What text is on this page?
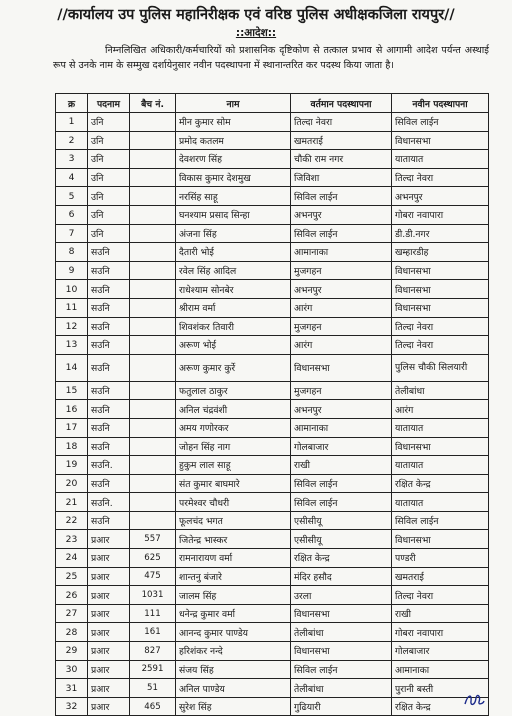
//कार्यालय उप पुलिस महानिरीक्षक एवं वरिष्ठ पुलिस अधीक्षकजिला रायपुर//
::आदेश::
निम्नलिखित अधिकारी/कर्मचारियों को प्रशासनिक दृष्टिकोण से तत्काल प्रभाव से आगामी आदेश पर्यन्त अस्थाई रूप से उनके नाम के सम्मुख दर्शायेनुसार नवीन पदस्थापना में स्थानान्तरित कर पदस्थ किया जाता है।
क्र	पदनाम	बैच नं.	नाम	वर्तमान पदस्थापना	नवीन पदस्थापना
1	उनि		मीन कुमार सोम	तिल्दा नेवरा	सिविल लाईन
2	उनि		प्रमोद कतलम	खमतराई	विधानसभा
3	उनि		देवशरण सिंह	चौकी राम नगर	यातायात
4	उनि		विकास कुमार देशमुख	जिविशा	तिल्दा नेवरा
5	उनि		नरसिंह साहू	सिविल लाईन	अभनपुर
6	उनि		घनश्याम प्रसाद सिन्हा	अभनपुर	गोबरा नवापारा
7	उनि		अंजना सिंह	सिविल लाईन	डी.डी.नगर
8	सउनि		दैतारी भोई	आमानाका	खम्हारडीह
9	सउनि		रवेल सिंह आदिल	मुजगहन	विधानसभा
10	सउनि		राधेश्याम सोनबेर	अभनपुर	विधानसभा
11	सउनि		श्रीराम वर्मा	आरंग	विधानसभा
12	सउनि		शिवशंकर तिवारी	मुजगहन	तिल्दा नेवरा
13	सउनि		अरूण भोई	आरंग	तिल्दा नेवरा
14	सउनि		अरूण कुमार कुर्रे	विधानसभा	पुलिस चौकी सिलयारी
15	सउनि		फतुलाल ठाकुर	मुजगहन	तेलीबांधा
16	सउनि		अनिल चंद्रवंशी	अभनपुर	आरंग
17	सउनि		अमय गणोरकर	आमानाका	यातायात
18	सउनि		जोहन सिंह नाग	गोलबाजार	विधानसभा
19	सउनि.		हुकुम लाल साहू	राखी	यातायात
20	सउनि		संत कुमार बाघमारे	सिविल लाईन	रक्षित केन्द्र
21	सउनि.		परमेश्वर चौधरी	सिविल लाईन	यातायात
22	सउनि		फूलचंद भगत	एसीसीयू	सिविल लाईन
23	प्रआर	557	जितेन्द्र भास्कर	एसीसीयू	विधानसभा
24	प्रआर	625	रामनारायण वर्मा	रक्षित केन्द्र	पण्डरी
25	प्रआर	475	शान्तनु बंजारे	मंदिर हसौद	खमतराई
26	प्रआर	1031	जालम सिंह	उरला	तिल्दा नेवरा
27	प्रआर	111	धनेन्द्र कुमार वर्मा	विधानसभा	राखी
28	प्रआर	161	आनन्द कुमार पाण्डेय	तेलीबांधा	गोबरा नवापारा
29	प्रआर	827	हरिशंकर नन्दे	विधानसभा	गोलबाजार
30	प्रआर	2591	संजय सिंह	सिविल लाईन	आमानाका
31	प्रआर	51	अनिल पाण्डेय	तेलीबांधा	पुरानी बस्ती
32	प्रआर	465	सुरेश सिंह	गुढियारी	रक्षित केन्द्र
